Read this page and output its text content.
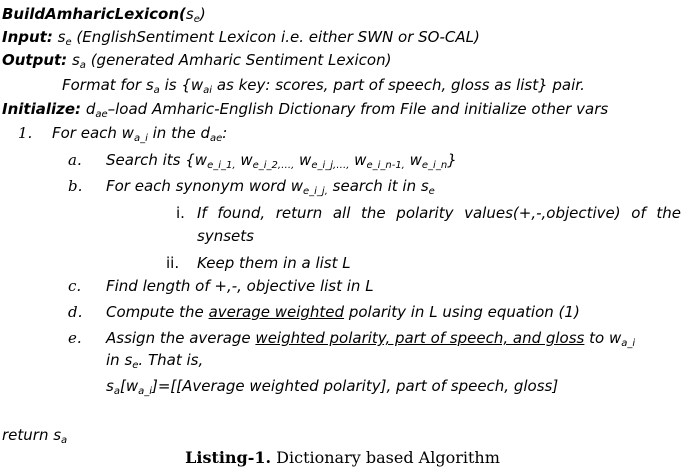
$BuildAmharicLexicon(s_e)$
Input: $s_e$ (EnglishSentiment Lexicon i.e. either SWN or SO-CAL)
Output: $s_a$ (generated Amharic Sentiment Lexicon)
Format for $s_a$ is {$w_{ai}$ as key: scores, part of speech, gloss as list} pair.
Initialize: $d_{ae}$–load Amharic-English Dictionary from File and initialize other vars
1. For each $w_{a\_i}$ in the $d_{ae}$:
a. Search its {$w_{e\_i\_1,}$ $w_{e\_i\_2,\dots,}$ $w_{e\_i\_j,\dots,}$ $w_{e\_i\_n-1,}$ $w_{e\_i\_n}$}
b. For each synonym word $w_{e\_i\_j,}$ search it in $s_e$
i. If found, return all the polarity values(+,-,objective) of the
synsets
ii. Keep them in a list L
c. Find length of +,-, objective list in L
d. Compute the average weighted polarity in L using equation (1)
e. Assign the average weighted polarity, part of speech, and gloss to $w_{a\_i}$
in $s_e$. That is,
$s_a[w_{a\_i}]=[[Average$ weighted polarity], part of speech, gloss]
return $s_a$
Listing-1. Dictionary based Algorithm
